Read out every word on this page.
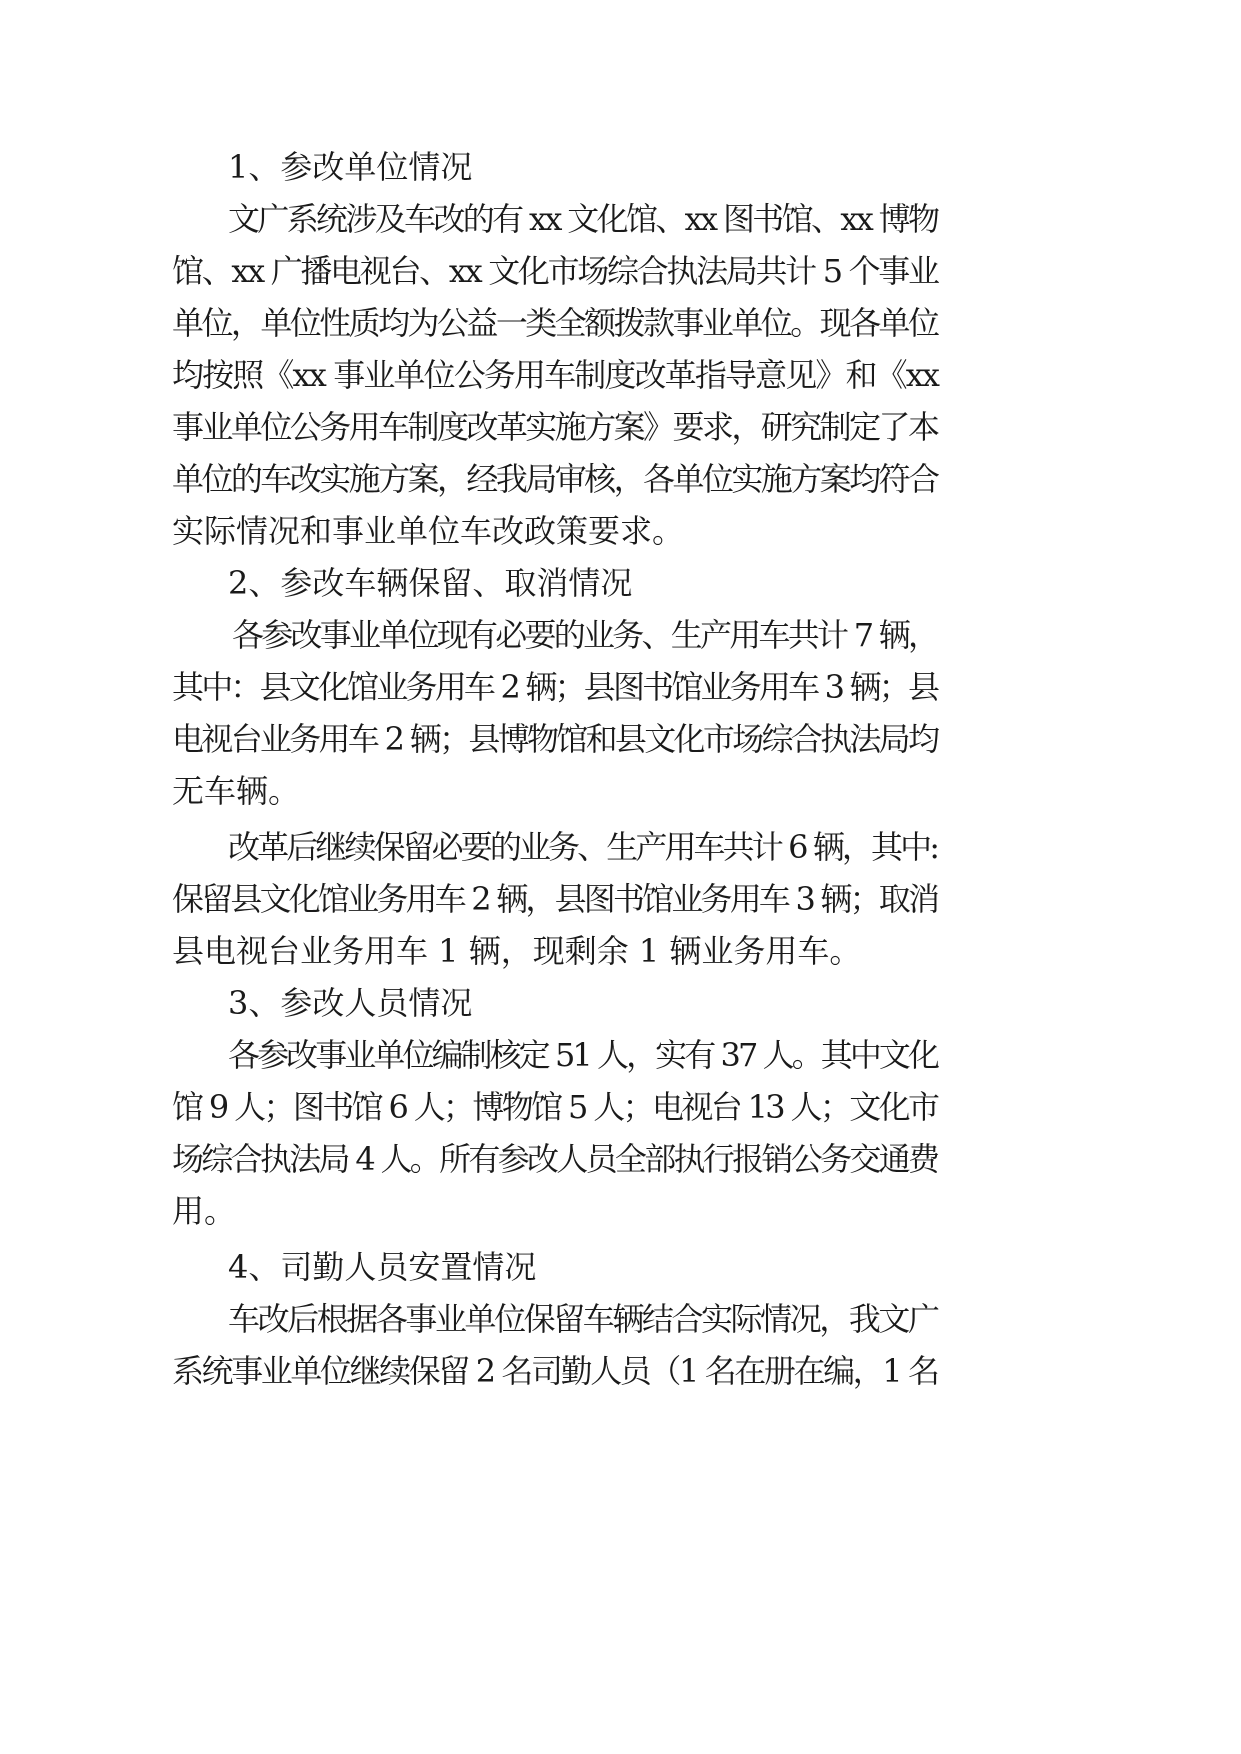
1、参改单位情况
文广系统涉及车改的有 xx 文化馆、xx 图书馆、xx 博物
馆、xx 广播电视台、xx 文化市场综合执法局共计 5 个事业
单位，单位性质均为公益一类全额拨款事业单位。现各单位
均按照《xx 事业单位公务用车制度改革指导意见》和《xx
事业单位公务用车制度改革实施方案》要求，研究制定了本
单位的车改实施方案，经我局审核，各单位实施方案均符合
实际情况和事业单位车改政策要求。
2、参改车辆保留、取消情况
各参改事业单位现有必要的业务、生产用车共计 7 辆，
其中：县文化馆业务用车 2 辆；县图书馆业务用车 3 辆；县
电视台业务用车 2 辆；县博物馆和县文化市场综合执法局均
无车辆。
改革后继续保留必要的业务、生产用车共计 6 辆，其中:
保留县文化馆业务用车 2 辆，县图书馆业务用车 3 辆；取消
县电视台业务用车 1 辆，现剩余 1 辆业务用车。
3、参改人员情况
各参改事业单位编制核定 51 人，实有 37 人。其中文化
馆 9 人；图书馆 6 人；博物馆 5 人；电视台 13 人；文化市
场综合执法局 4 人。所有参改人员全部执行报销公务交通费
用。
4、司勤人员安置情况
车改后根据各事业单位保留车辆结合实际情况，我文广
系统事业单位继续保留 2 名司勤人员（1 名在册在编，1 名
